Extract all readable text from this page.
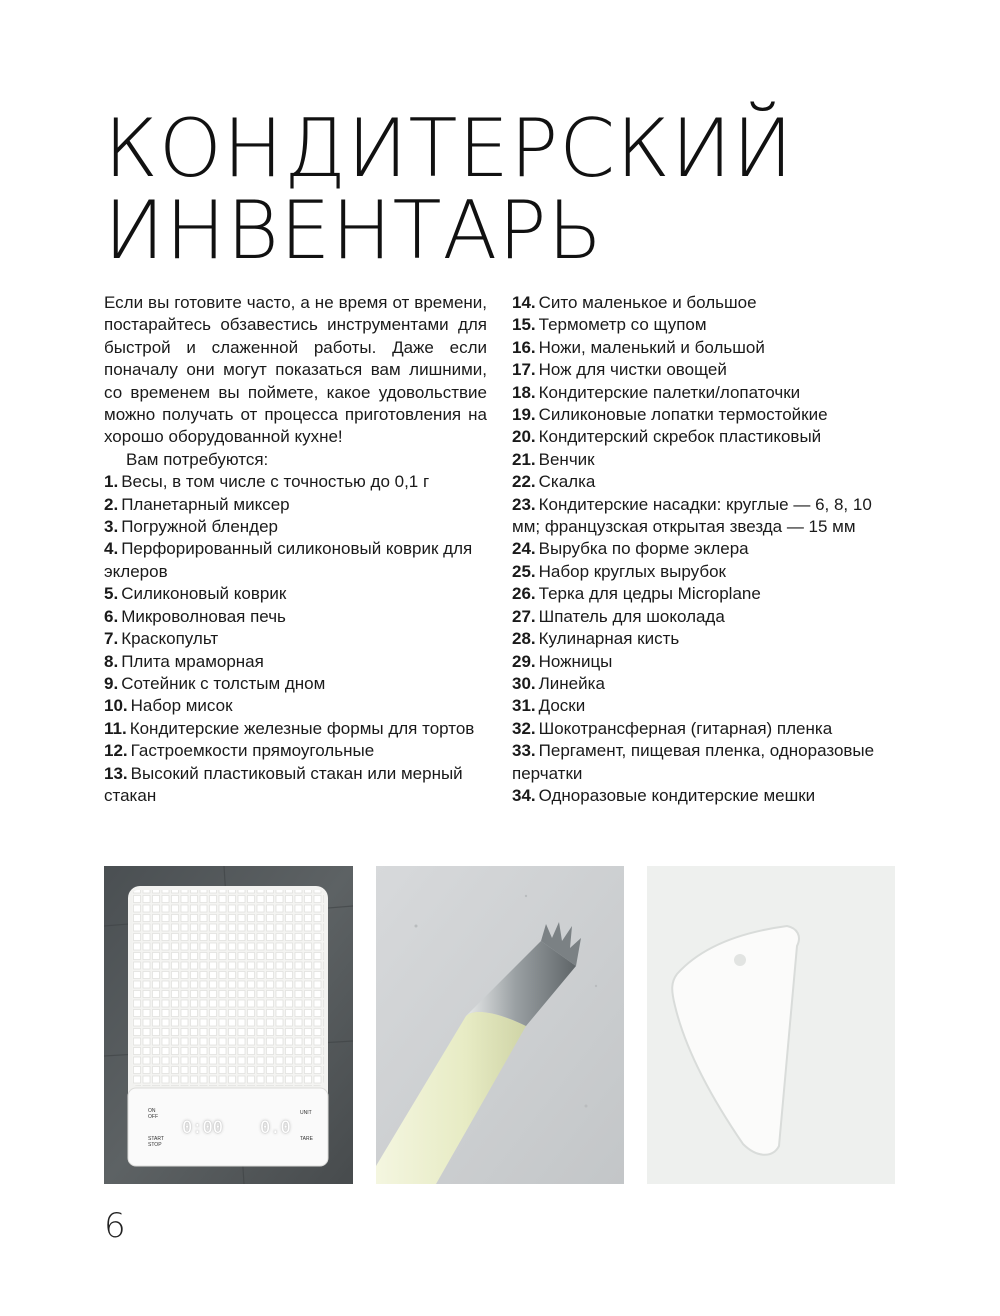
КОНДИТЕРСКИЙ
ИНВЕНТАРЬ

Если вы готовите часто, а не время от времени, постарайтесь обзавестись инструментами для быстрой и слаженной работы. Даже если поначалу они могут показаться вам лишними, со временем вы поймете, какое удовольствие можно получать от процесса приготовления на хорошо оборудованной кухне!

Вам потребуются:

1. Весы, в том числе с точностью до 0,1 г
2. Планетарный миксер
3. Погружной блендер
4. Перфорированный силиконовый коврик для эклеров
5. Силиконовый коврик
6. Микроволновая печь
7. Краскопульт
8. Плита мраморная
9. Сотейник с толстым дном
10. Набор мисок
11. Кондитерские железные формы для тортов
12. Гастроемкости прямоугольные
13. Высокий пластиковый стакан или мерный стакан
14. Сито маленькое и большое
15. Термометр со щупом
16. Ножи, маленький и большой
17. Нож для чистки овощей
18. Кондитерские палетки/лопаточки
19. Силиконовые лопатки термостойкие
20. Кондитерский скребок пластиковый
21. Венчик
22. Скалка
23. Кондитерские насадки: круглые — 6, 8, 10 мм; французская открытая звезда — 15 мм
24. Вырубка по форме эклера
25. Набор круглых вырубок
26. Терка для цедры Microplane
27. Шпатель для шоколада
28. Кулинарная кисть
29. Ножницы
30. Линейка
31. Доски
32. Шокотрансферная (гитарная) пленка
33. Пергамент, пищевая пленка, одноразовые перчатки
34. Одноразовые кондитерские мешки
ON OFF
UNIT
START STOP
TARE
0:00 0.0
6
